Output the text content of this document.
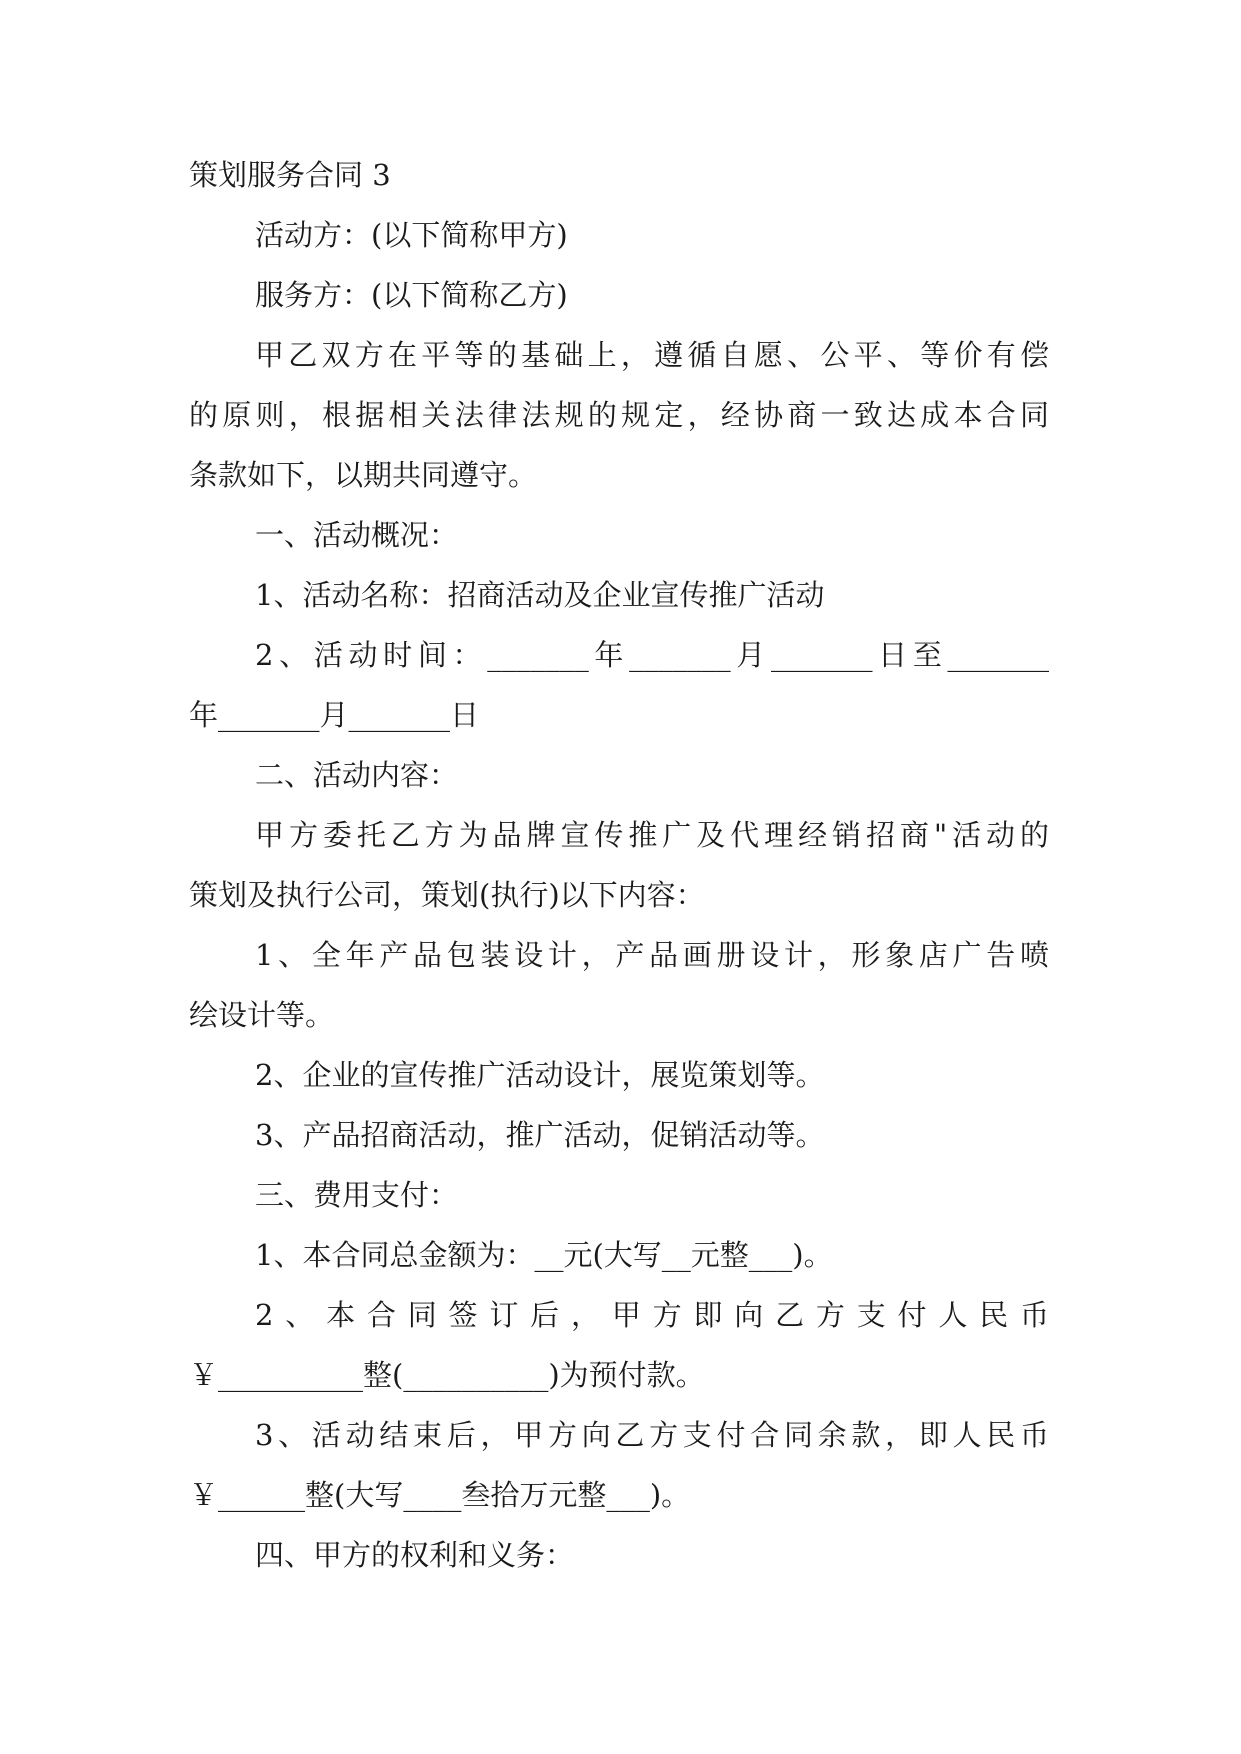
策划服务合同 3
活动方：(以下简称甲方)
服务方：(以下简称乙方)
甲乙双方在平等的基础上，遵循自愿、公平、等价有偿
的原则，根据相关法律法规的规定，经协商一致达成本合同
条款如下，以期共同遵守。
一、活动概况：
1、活动名称：招商活动及企业宣传推广活动
2、活动时间：_______年_______月_______日至_______
年_______月_______日
二、活动内容：
甲方委托乙方为品牌宣传推广及代理经销招商"活动的
策划及执行公司，策划(执行)以下内容：
1、全年产品包装设计，产品画册设计，形象店广告喷
绘设计等。
2、企业的宣传推广活动设计，展览策划等。
3、产品招商活动，推广活动，促销活动等。
三、费用支付：
1、本合同总金额为：__元(大写__元整___)。
2、本合同签订后，甲方即向乙方支付人民币
￥__________整(__________)为预付款。
3、活动结束后，甲方向乙方支付合同余款，即人民币
￥______整(大写____叁拾万元整___)。
四、甲方的权利和义务：
